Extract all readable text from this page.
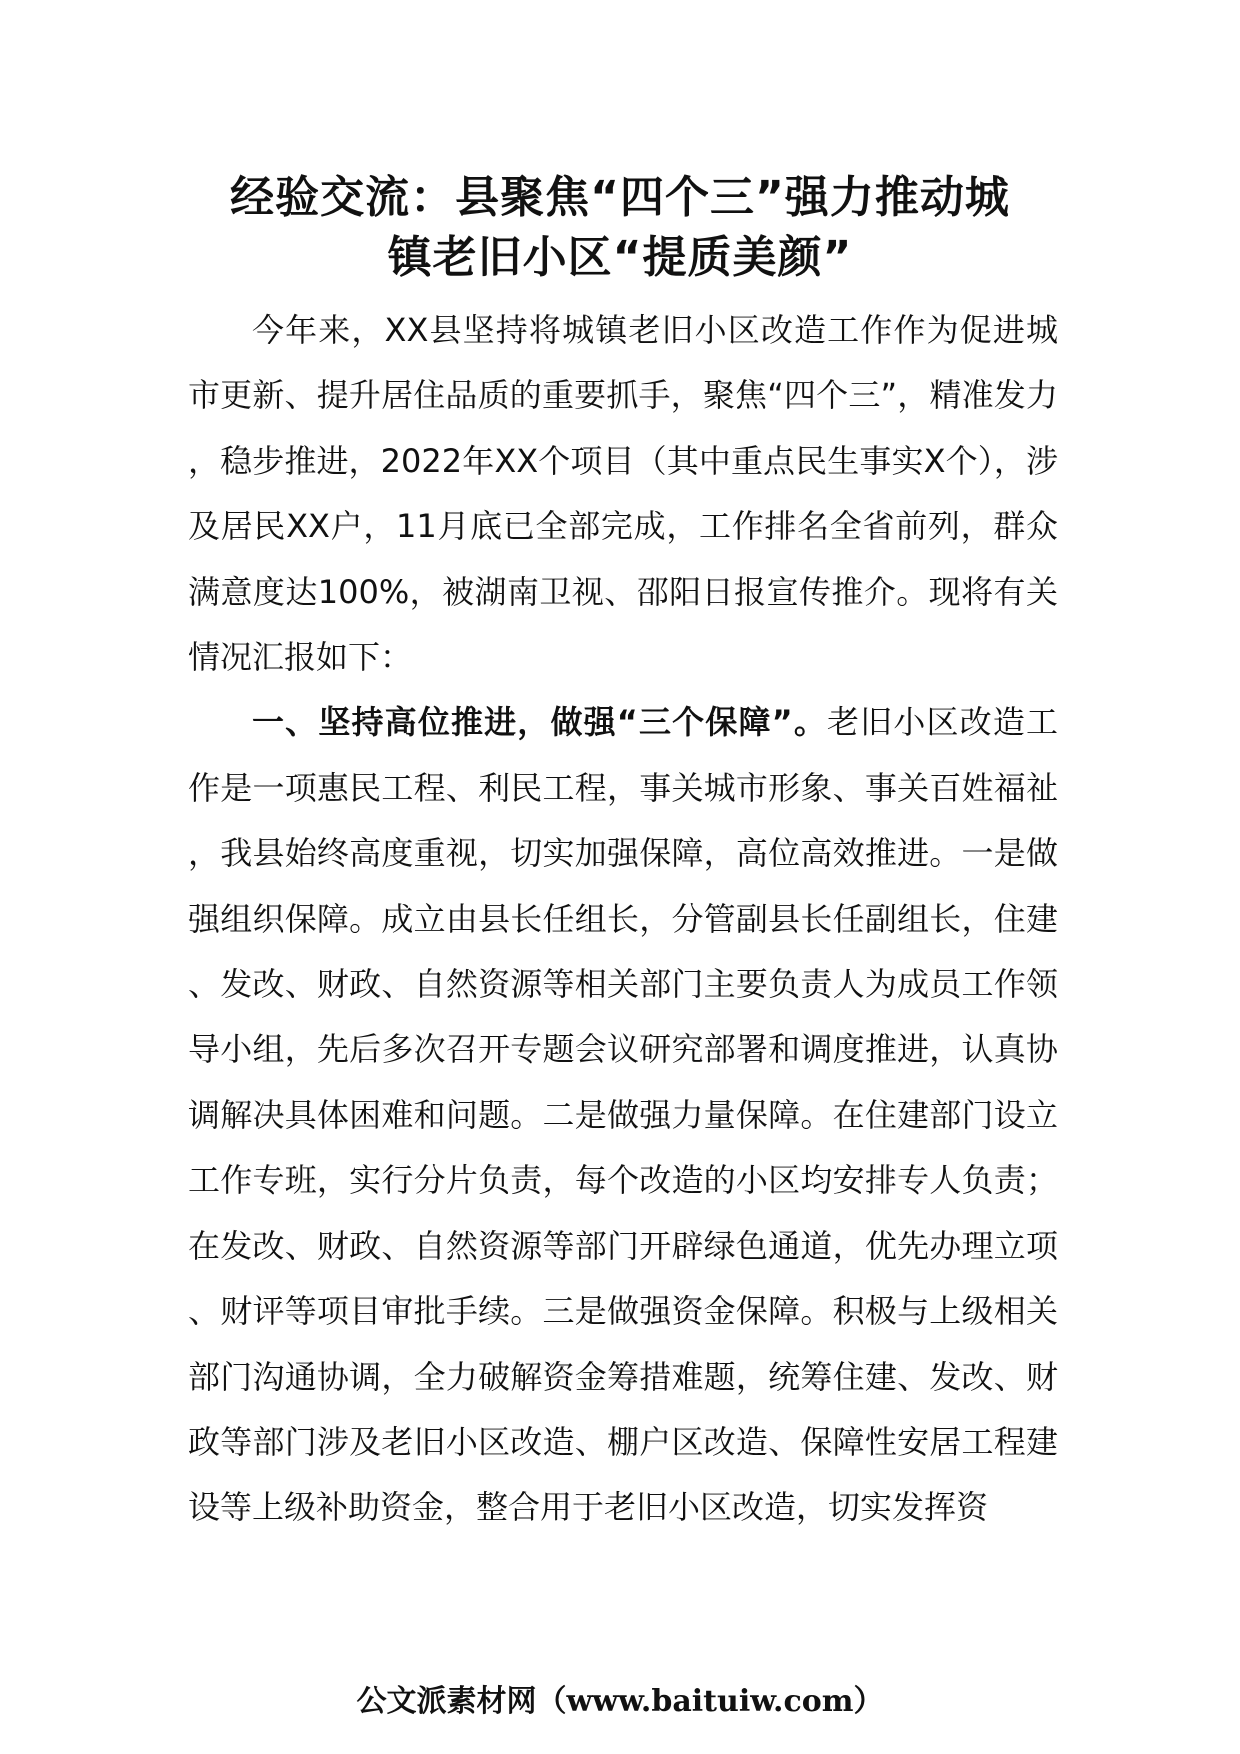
经验交流：县聚焦“四个三”强力推动城
镇老旧小区“提质美颜”

今年来，XX县坚持将城镇老旧小区改造工作作为促进城市更新、提升居住品质的重要抓手，聚焦“四个三”，精准发力，稳步推进，2022年XX个项目（其中重点民生事实X个），涉及居民XX户，11月底已全部完成，工作排名全省前列，群众满意度达100%，被湖南卫视、邵阳日报宣传推介。现将有关情况汇报如下：

一、坚持高位推进，做强“三个保障”。老旧小区改造工作是一项惠民工程、利民工程，事关城市形象、事关百姓福祉，我县始终高度重视，切实加强保障，高位高效推进。一是做强组织保障。成立由县长任组长，分管副县长任副组长，住建、发改、财政、自然资源等相关部门主要负责人为成员工作领导小组，先后多次召开专题会议研究部署和调度推进，认真协调解决具体困难和问题。二是做强力量保障。在住建部门设立工作专班，实行分片负责，每个改造的小区均安排专人负责；在发改、财政、自然资源等部门开辟绿色通道，优先办理立项、财评等项目审批手续。三是做强资金保障。积极与上级相关部门沟通协调，全力破解资金筹措难题，统筹住建、发改、财政等部门涉及老旧小区改造、棚户区改造、保障性安居工程建设等上级补助资金，整合用于老旧小区改造，切实发挥资

公文派素材网（www.baituiw.com）
